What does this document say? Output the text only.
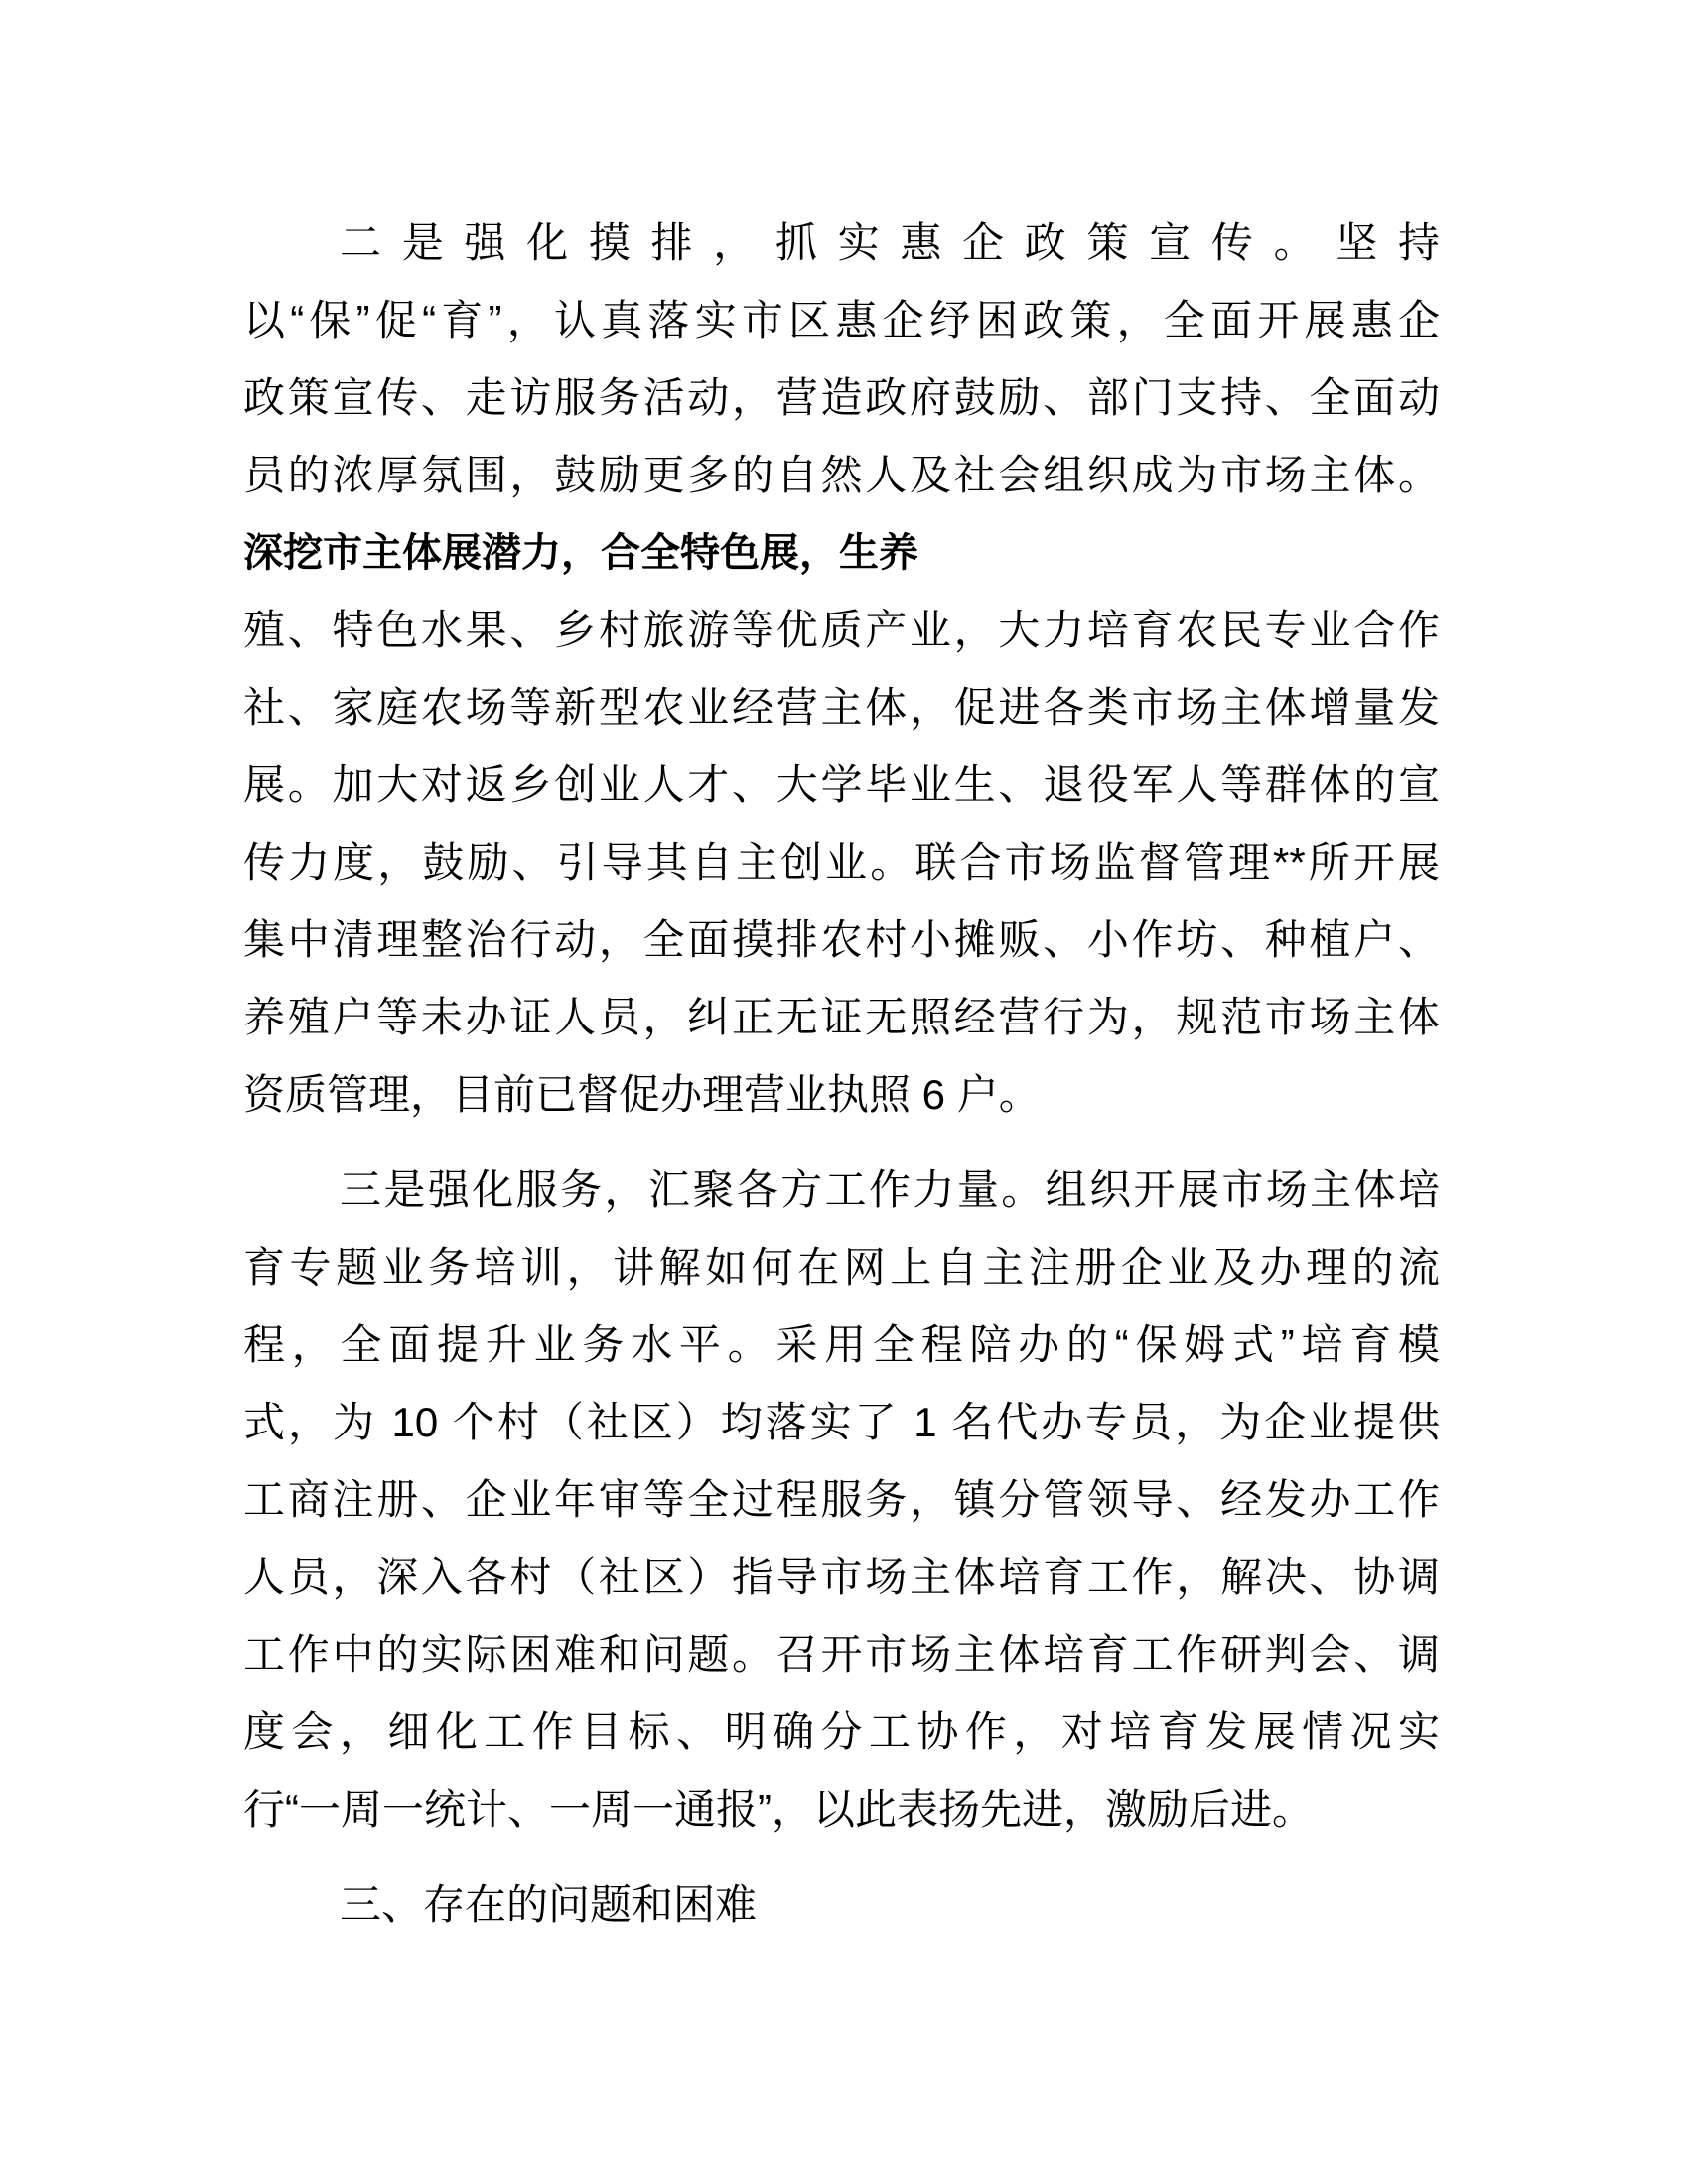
二是强化摸排，抓实惠企政策宣传。坚持
以“保”促“育”，认真落实市区惠企纾困政策，全面开展惠企
政策宣传、走访服务活动，营造政府鼓励、部门支持、全面动
员的浓厚氛围，鼓励更多的自然人及社会组织成为市场主体。
深挖市主体展潜力，合全特色展，生养
殖、特色水果、乡村旅游等优质产业，大力培育农民专业合作
社、家庭农场等新型农业经营主体，促进各类市场主体增量发
展。加大对返乡创业人才、大学毕业生、退役军人等群体的宣
传力度，鼓励、引导其自主创业。联合市场监督管理**所开展
集中清理整治行动，全面摸排农村小摊贩、小作坊、种植户、
养殖户等未办证人员，纠正无证无照经营行为，规范市场主体
资质管理，目前已督促办理营业执照 6 户。
三是强化服务，汇聚各方工作力量。组织开展市场主体培
育专题业务培训，讲解如何在网上自主注册企业及办理的流
程，全面提升业务水平。采用全程陪办的“保姆式”培育模
式，为 10 个村（社区）均落实了 1 名代办专员，为企业提供
工商注册、企业年审等全过程服务，镇分管领导、经发办工作
人员，深入各村（社区）指导市场主体培育工作，解决、协调
工作中的实际困难和问题。召开市场主体培育工作研判会、调
度会，细化工作目标、明确分工协作，对培育发展情况实
行“一周一统计、一周一通报”，以此表扬先进，激励后进。
三、存在的问题和困难
